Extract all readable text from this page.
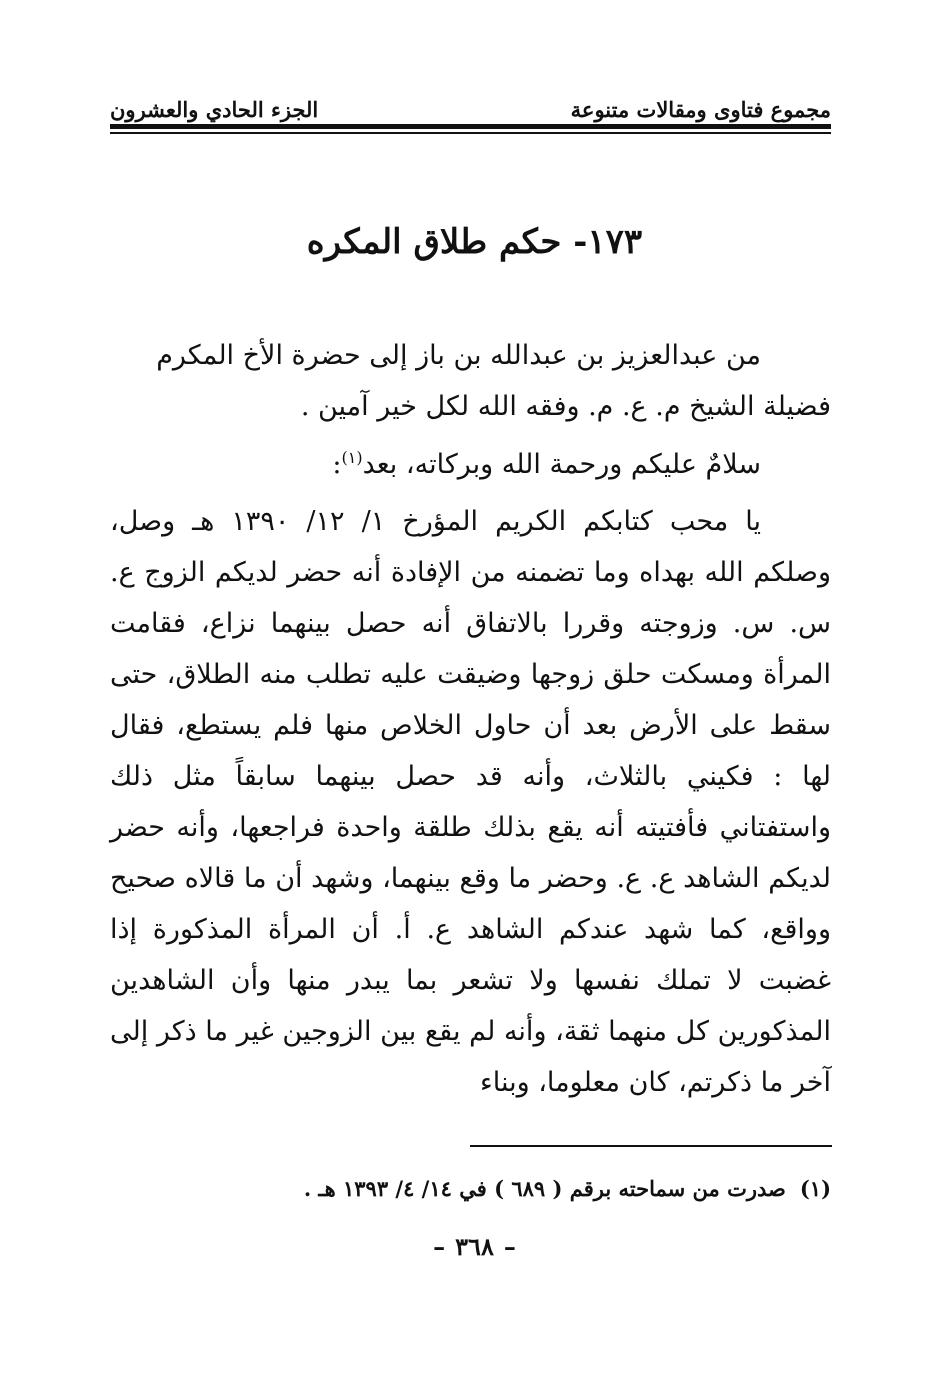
مجموع فتاوى ومقالات متنوعة
الجزء الحادي والعشرون
١٧٣- حكم طلاق المكره

من عبدالعزيز بن عبدالله بن باز إلى حضرة الأخ المكرم

فضيلة الشيخ م. ع. م. وفقه الله لكل خير آمين .

سلامٌ عليكم ورحمة الله وبركاته، بعد$^{(١)}$:

يا محب كتابكم الكريم المؤرخ ١/ ١٢/ ١٣٩٠ هـ وصل، وصلكم الله بهداه وما تضمنه من الإفادة أنه حضر لديكم الزوج ع. س. س. وزوجته وقررا بالاتفاق أنه حصل بينهما نزاع، فقامت المرأة ومسكت حلق زوجها وضيقت عليه تطلب منه الطلاق، حتى سقط على الأرض بعد أن حاول الخلاص منها فلم يستطع، فقال لها : فكيني بالثلاث، وأنه قد حصل بينهما سابقاً مثل ذلك واستفتاني فأفتيته أنه يقع بذلك طلقة واحدة فراجعها، وأنه حضر لديكم الشاهد ع. ع. وحضر ما وقع بينهما، وشهد أن ما قالاه صحيح وواقع، كما شهد عندكم الشاهد ع. أ. أن المرأة المذكورة إذا غضبت لا تملك نفسها ولا تشعر بما يبدر منها وأن الشاهدين المذكورين كل منهما ثقة، وأنه لم يقع بين الزوجين غير ما ذكر إلى آخر ما ذكرتم، كان معلوما، وبناء

(١)صدرت من سماحته برقم ( ٦٨٩ ) في ١٤/ ٤/ ١٣٩٣ هـ .
– ٣٦٨ –
